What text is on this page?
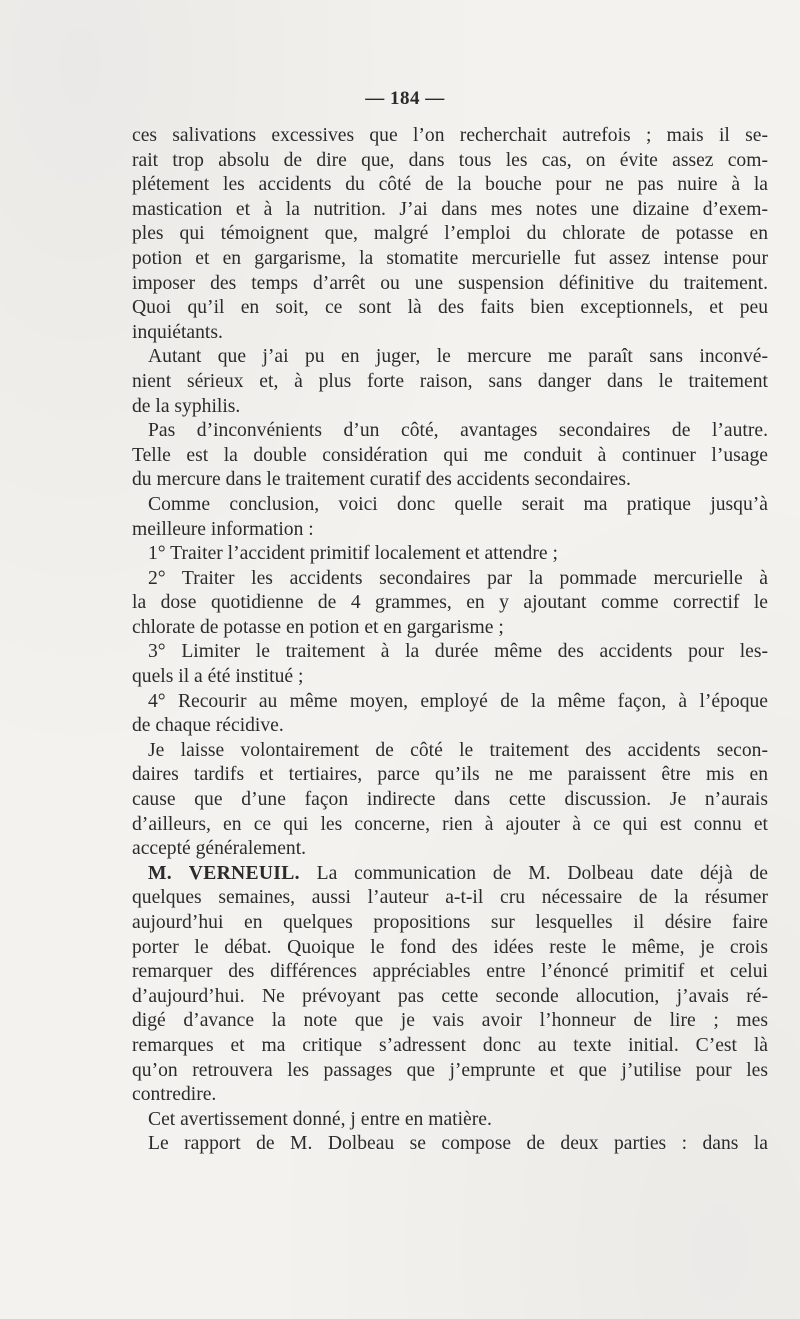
— 184 —
ces salivations excessives que l’on recherchait autrefois ; mais il se-
rait trop absolu de dire que, dans tous les cas, on évite assez com-
plétement les accidents du côté de la bouche pour ne pas nuire à la
mastication et à la nutrition. J’ai dans mes notes une dizaine d’exem-
ples qui témoignent que, malgré l’emploi du chlorate de potasse en
potion et en gargarisme, la stomatite mercurielle fut assez intense pour
imposer des temps d’arrêt ou une suspension définitive du traitement.
Quoi qu’il en soit, ce sont là des faits bien exceptionnels, et peu
inquiétants.
Autant que j’ai pu en juger, le mercure me paraît sans inconvé-
nient sérieux et, à plus forte raison, sans danger dans le traitement
de la syphilis.
Pas d’inconvénients d’un côté, avantages secondaires de l’autre.
Telle est la double considération qui me conduit à continuer l’usage
du mercure dans le traitement curatif des accidents secondaires.
Comme conclusion, voici donc quelle serait ma pratique jusqu’à
meilleure information :
1° Traiter l’accident primitif localement et attendre ;
2° Traiter les accidents secondaires par la pommade mercurielle à
la dose quotidienne de 4 grammes, en y ajoutant comme correctif le
chlorate de potasse en potion et en gargarisme ;
3° Limiter le traitement à la durée même des accidents pour les-
quels il a été institué ;
4° Recourir au même moyen, employé de la même façon, à l’époque
de chaque récidive.
Je laisse volontairement de côté le traitement des accidents secon-
daires tardifs et tertiaires, parce qu’ils ne me paraissent être mis en
cause que d’une façon indirecte dans cette discussion. Je n’aurais
d’ailleurs, en ce qui les concerne, rien à ajouter à ce qui est connu et
accepté généralement.
M. VERNEUIL. La communication de M. Dolbeau date déjà de
quelques semaines, aussi l’auteur a-t-il cru nécessaire de la résumer
aujourd’hui en quelques propositions sur lesquelles il désire faire
porter le débat. Quoique le fond des idées reste le même, je crois
remarquer des différences appréciables entre l’énoncé primitif et celui
d’aujourd’hui. Ne prévoyant pas cette seconde allocution, j’avais ré-
digé d’avance la note que je vais avoir l’honneur de lire ; mes
remarques et ma critique s’adressent donc au texte initial. C’est là
qu’on retrouvera les passages que j’emprunte et que j’utilise pour les
contredire.
Cet avertissement donné, j entre en matière.
Le rapport de M. Dolbeau se compose de deux parties : dans la
